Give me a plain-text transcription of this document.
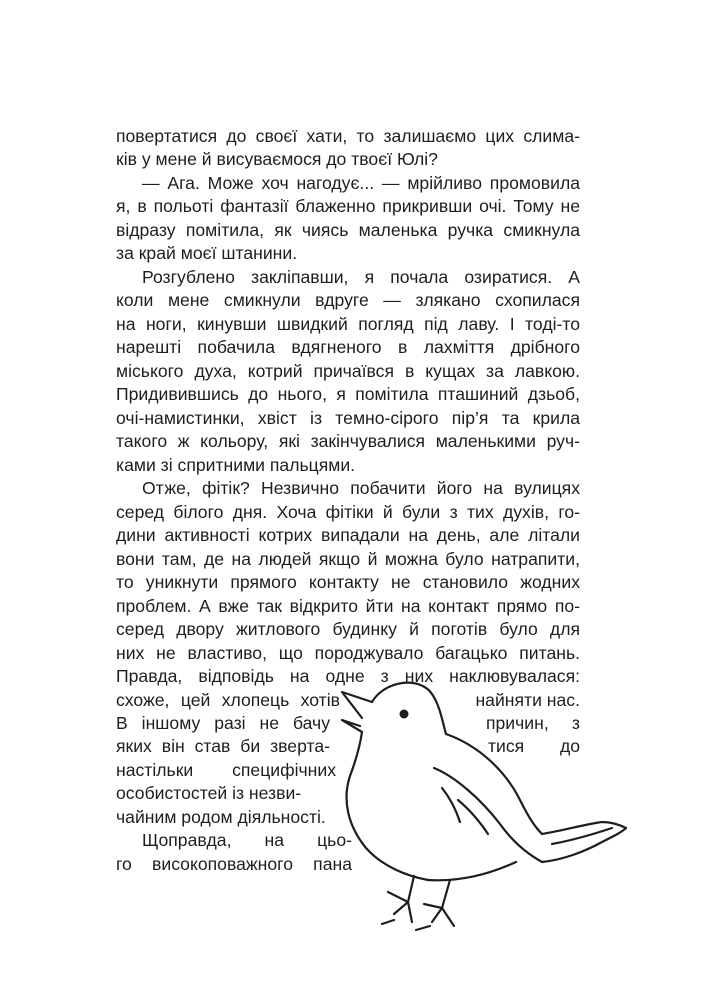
повертатися до своєї хати, то залишаємо цих слима-
ків у мене й висуваємося до твоєї Юлі?
— Ага. Може хоч нагодує... — мрійливо промовила
я, в польоті фантазії блаженно прикривши очі. Тому не
відразу помітила, як чиясь маленька ручка смикнула
за край моєї штанини.
Розгублено закліпавши, я почала озиратися. А
коли мене смикнули вдруге — злякано схопилася
на ноги, кинувши швидкий погляд під лаву. І тоді-то
нарешті побачила вдягненого в лахміття дрібного
міського духа, котрий причаївся в кущах за лавкою.
Придивившись до нього, я помітила пташиний дзьоб,
очі-намистинки, хвіст із темно-сірого пір’я та крила
такого ж кольору, які закінчувалися маленькими руч-
ками зі спритними пальцями.
Отже, фітік? Незвично побачити його на вулицях
серед білого дня. Хоча фітіки й були з тих духів, го-
дини активності котрих випадали на день, але літали
вони там, де на людей якщо й можна було натрапити,
то уникнути прямого контакту не становило жодних
проблем. А вже так відкрито йти на контакт прямо по-
серед двору житлового будинку й поготів було для
них не властиво, що породжувало багацько питань.
Правда, відповідь на одне з них наклювувалася:
схоже, цей хлопець хотів	найняти нас.
В іншому разі не бачу	причин, з
яких він став би зверта-	тися до
настільки специфічних
особистостей із незви-
чайним родом діяльності.
Щоправда, на цьо-
го високоповажного пана
